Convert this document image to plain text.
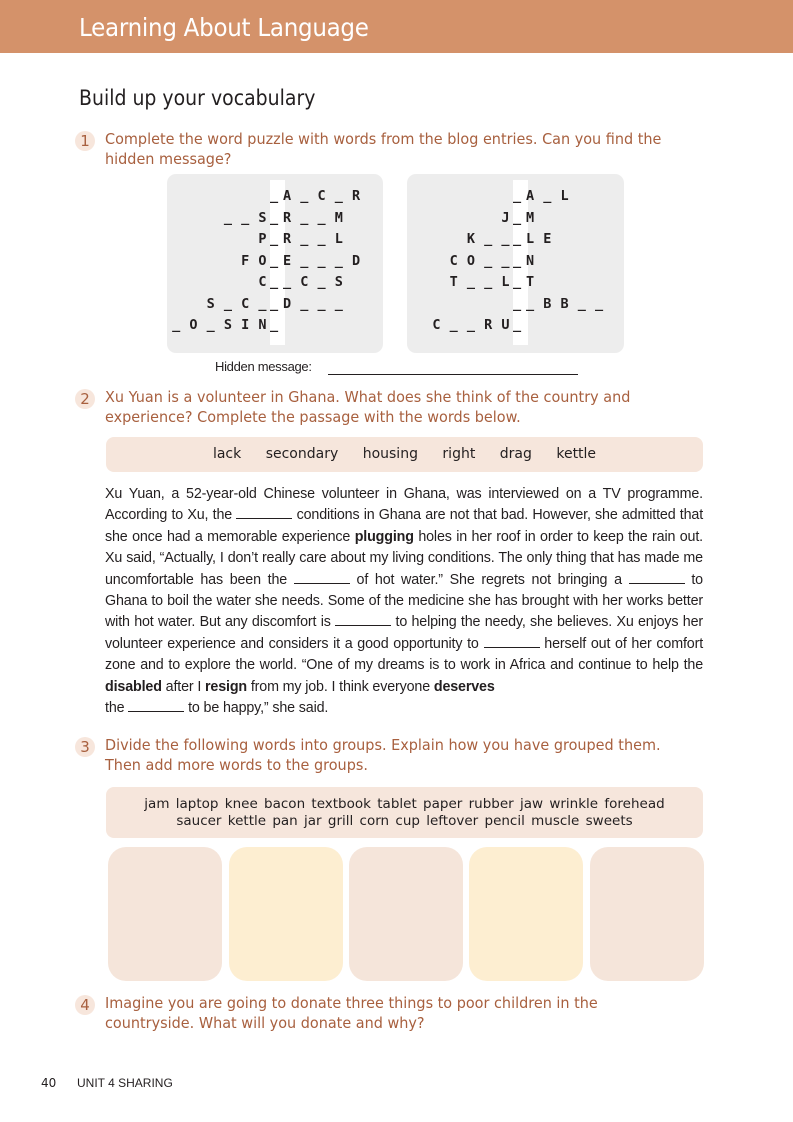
Learning About Language
Build up your vocabulary
1 Complete the word puzzle with words from the blog entries. Can you find the
hidden message?
_ A _ C _ R
_ _ S _ R _ _ M
P _ R _ _ L
F O _ E _ _ _ D
C _ _ C _ S
S _ C _ _ D _ _ _
_ O _ S I N _
_ A _ L
J _ M
K _ _ _ L E
C O _ _ _ N
T _ _ L _ T
_ _ B B _ _
C _ _ R U _
Hidden message:
2 Xu Yuan is a volunteer in Ghana. What does she think of the country and
experience? Complete the passage with the words below.
lack secondary housing right drag kettle
Xu Yuan, a 52-year-old Chinese volunteer in Ghana, was interviewed on a TV programme. According to Xu, the	conditions in Ghana are not that bad. However, she admitted that she once had a memorable experience plugging holes in her roof in order to keep the rain out. Xu said, “Actually, I don’t really care about my living conditions. The only thing that has made me uncomfortable has been the	of hot water.” She regrets not bringing a	to Ghana to boil the water she needs. Some of the medicine she has brought with her works better with hot water. But any discomfort is	to helping the needy, she believes. Xu enjoys her volunteer experience and considers it a good opportunity to	herself out of her comfort zone and to explore the world. “One of my dreams is to work in Africa and continue to help the disabled after I resign from my job. I think everyone deserves
the	to be happy,” she said.
3 Divide the following words into groups. Explain how you have grouped them.
Then add more words to the groups.
jam laptop knee bacon textbook tablet paper rubber jaw wrinkle forehead
saucer kettle pan jar grill corn cup leftover pencil muscle sweets
4 Imagine you are going to donate three things to poor children in the
countryside. What will you donate and why?
40 UNIT 4 SHARING
